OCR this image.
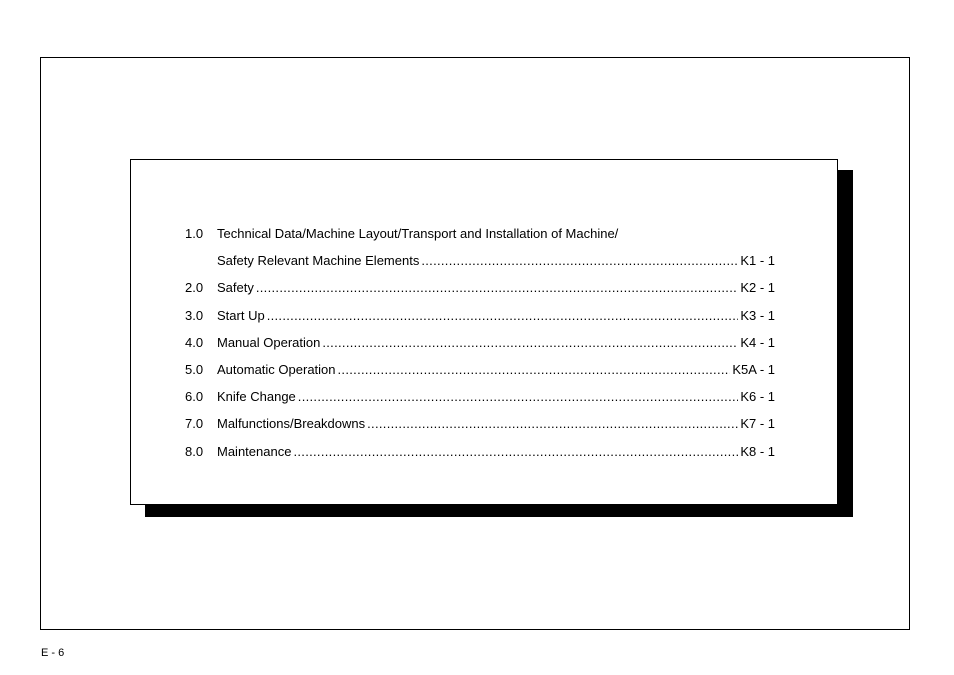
1.0	Technical Data/Machine Layout/Transport and Installation of Machine/
Safety Relevant Machine Elements .....	K1 - 1
2.0	Safety .....	K2 - 1
3.0	Start Up .....	K3 - 1
4.0	Manual Operation .....	K4 - 1
5.0	Automatic Operation .....	K5A - 1
6.0	Knife Change .....	K6 - 1
7.0	Malfunctions/Breakdowns .....	K7 - 1
8.0	Maintenance .....	K8 - 1
E - 6
